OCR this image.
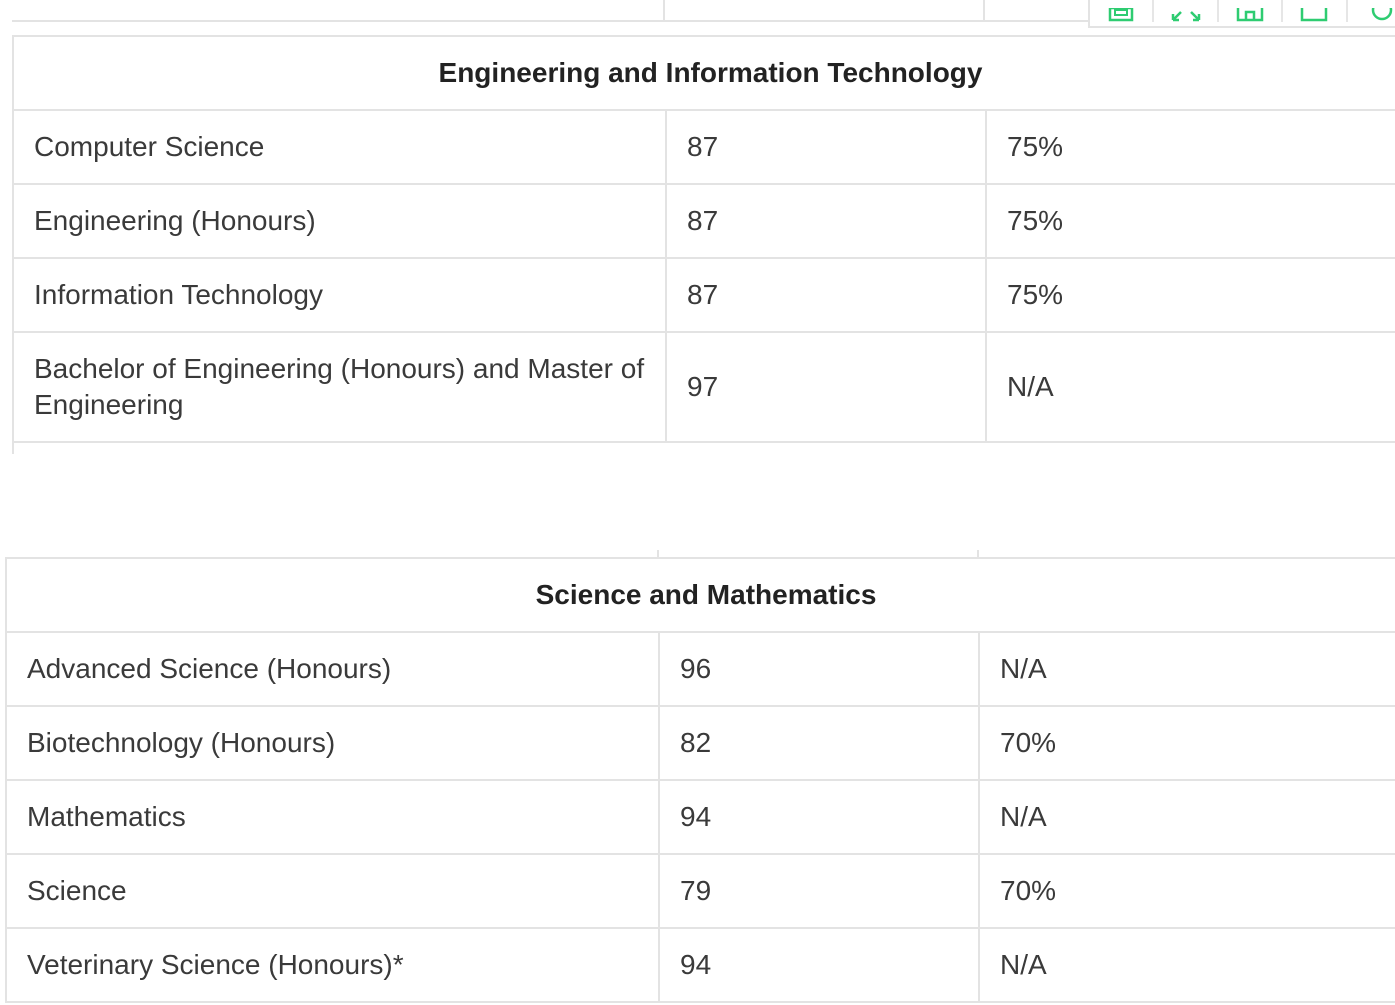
Engineering and Information Technology		
Computer Science	87	75%
Engineering (Honours)	87	75%
Information Technology	87	75%
Bachelor of Engineering (Honours) and Master of Engineering	97	N/A
Science and Mathematics		
Advanced Science (Honours)	96	N/A
Biotechnology (Honours)	82	70%
Mathematics	94	N/A
Science	79	70%
Veterinary Science (Honours)*	94	N/A
